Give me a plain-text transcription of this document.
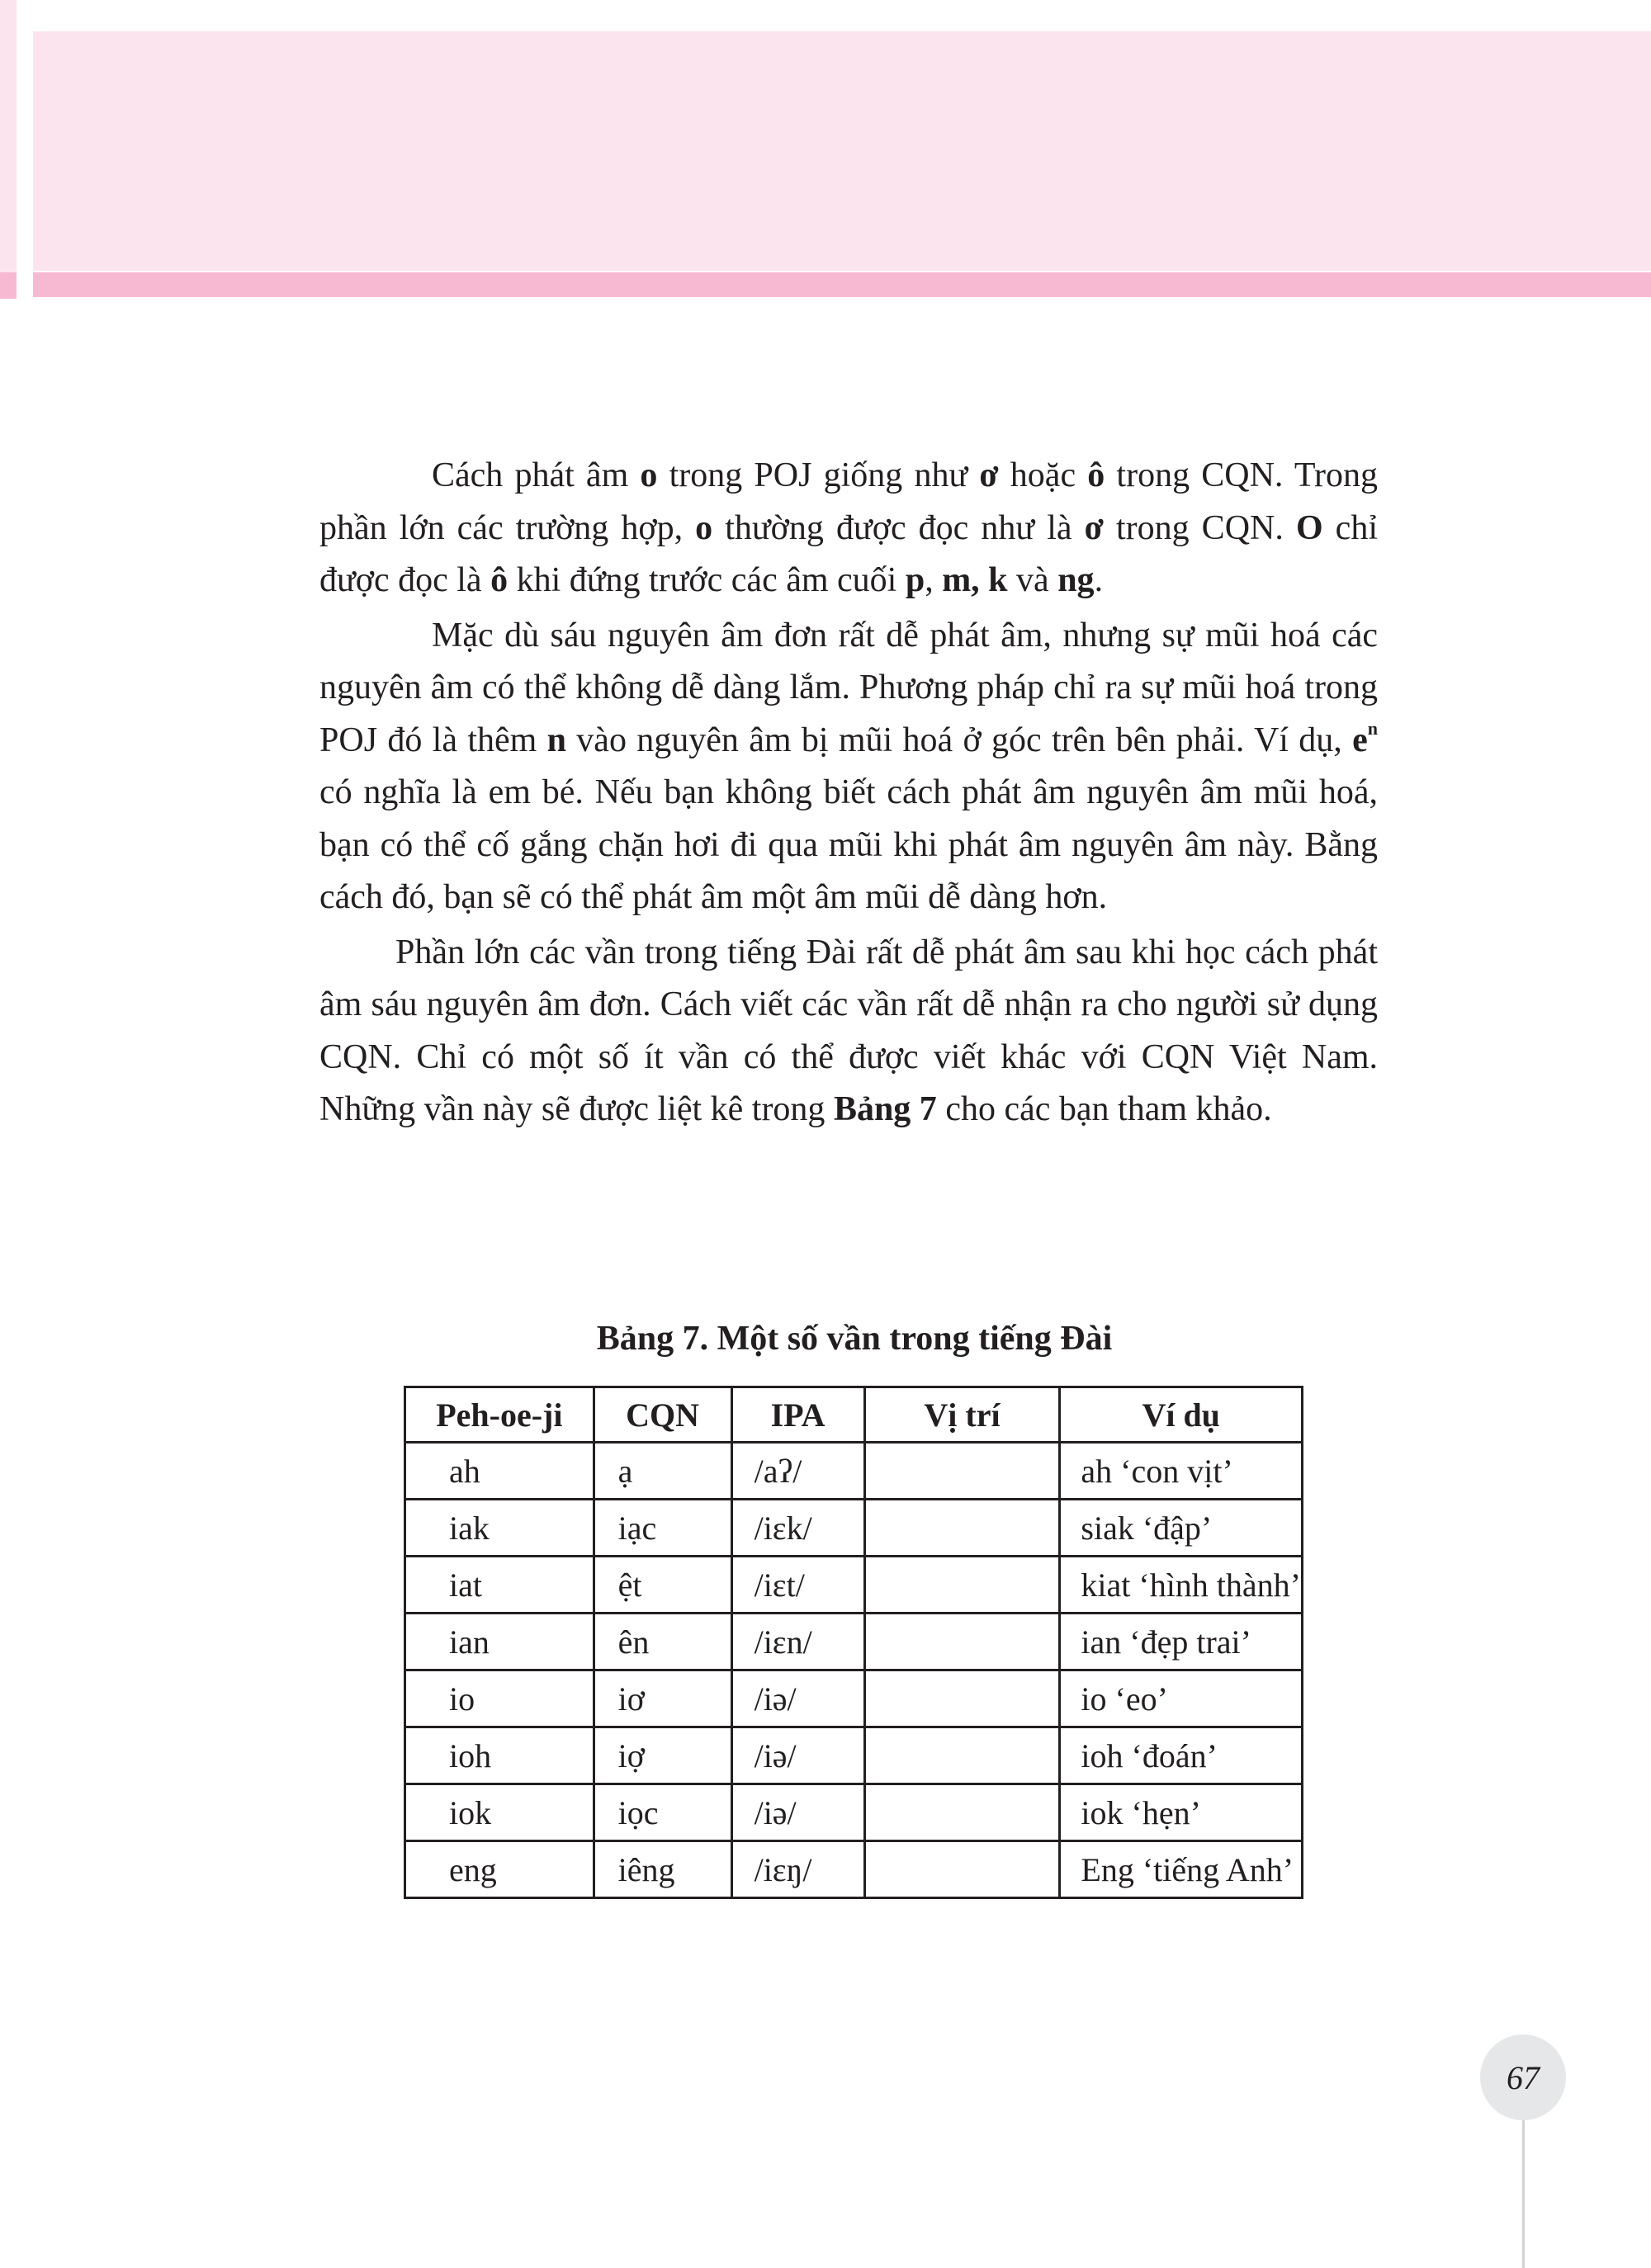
Cách phát âm o trong POJ giống như ơ hoặc ô trong CQN. Trong phần lớn các trường hợp, o thường được đọc như là ơ trong CQN. O chỉ được đọc là ô khi đứng trước các âm cuối p, m, k và ng.

Mặc dù sáu nguyên âm đơn rất dễ phát âm, nhưng sự mũi hoá các nguyên âm có thể không dễ dàng lắm. Phương pháp chỉ ra sự mũi hoá trong POJ đó là thêm n vào nguyên âm bị mũi hoá ở góc trên bên phải. Ví dụ, $e^n$ có nghĩa là em bé. Nếu bạn không biết cách phát âm nguyên âm mũi hoá, bạn có thể cố gắng chặn hơi đi qua mũi khi phát âm nguyên âm này. Bằng cách đó, bạn sẽ có thể phát âm một âm mũi dễ dàng hơn.

Phần lớn các vần trong tiếng Đài rất dễ phát âm sau khi học cách phát âm sáu nguyên âm đơn. Cách viết các vần rất dễ nhận ra cho người sử dụng CQN. Chỉ có một số ít vần có thể được viết khác với CQN Việt Nam. Những vần này sẽ được liệt kê trong Bảng 7 cho các bạn tham khảo.

Bảng 7. Một số vần trong tiếng Đài
Peh-oe-ji	CQN	IPA	Vị trí	Ví dụ
ah	ạ	/aʔ/		ah ‘con vịt’
iak	iạc	/iɛk/		siak ‘đập’
iat	ệt	/iɛt/		kiat ‘hình thành’
ian	ên	/iɛn/		ian ‘đẹp trai’
io	iơ	/iə/		io ‘eo’
ioh	iợ	/iə/		ioh ‘đoán’
iok	iọc	/iə/		iok ‘hẹn’
eng	iêng	/iɛŋ/		Eng ‘tiếng Anh’
67
